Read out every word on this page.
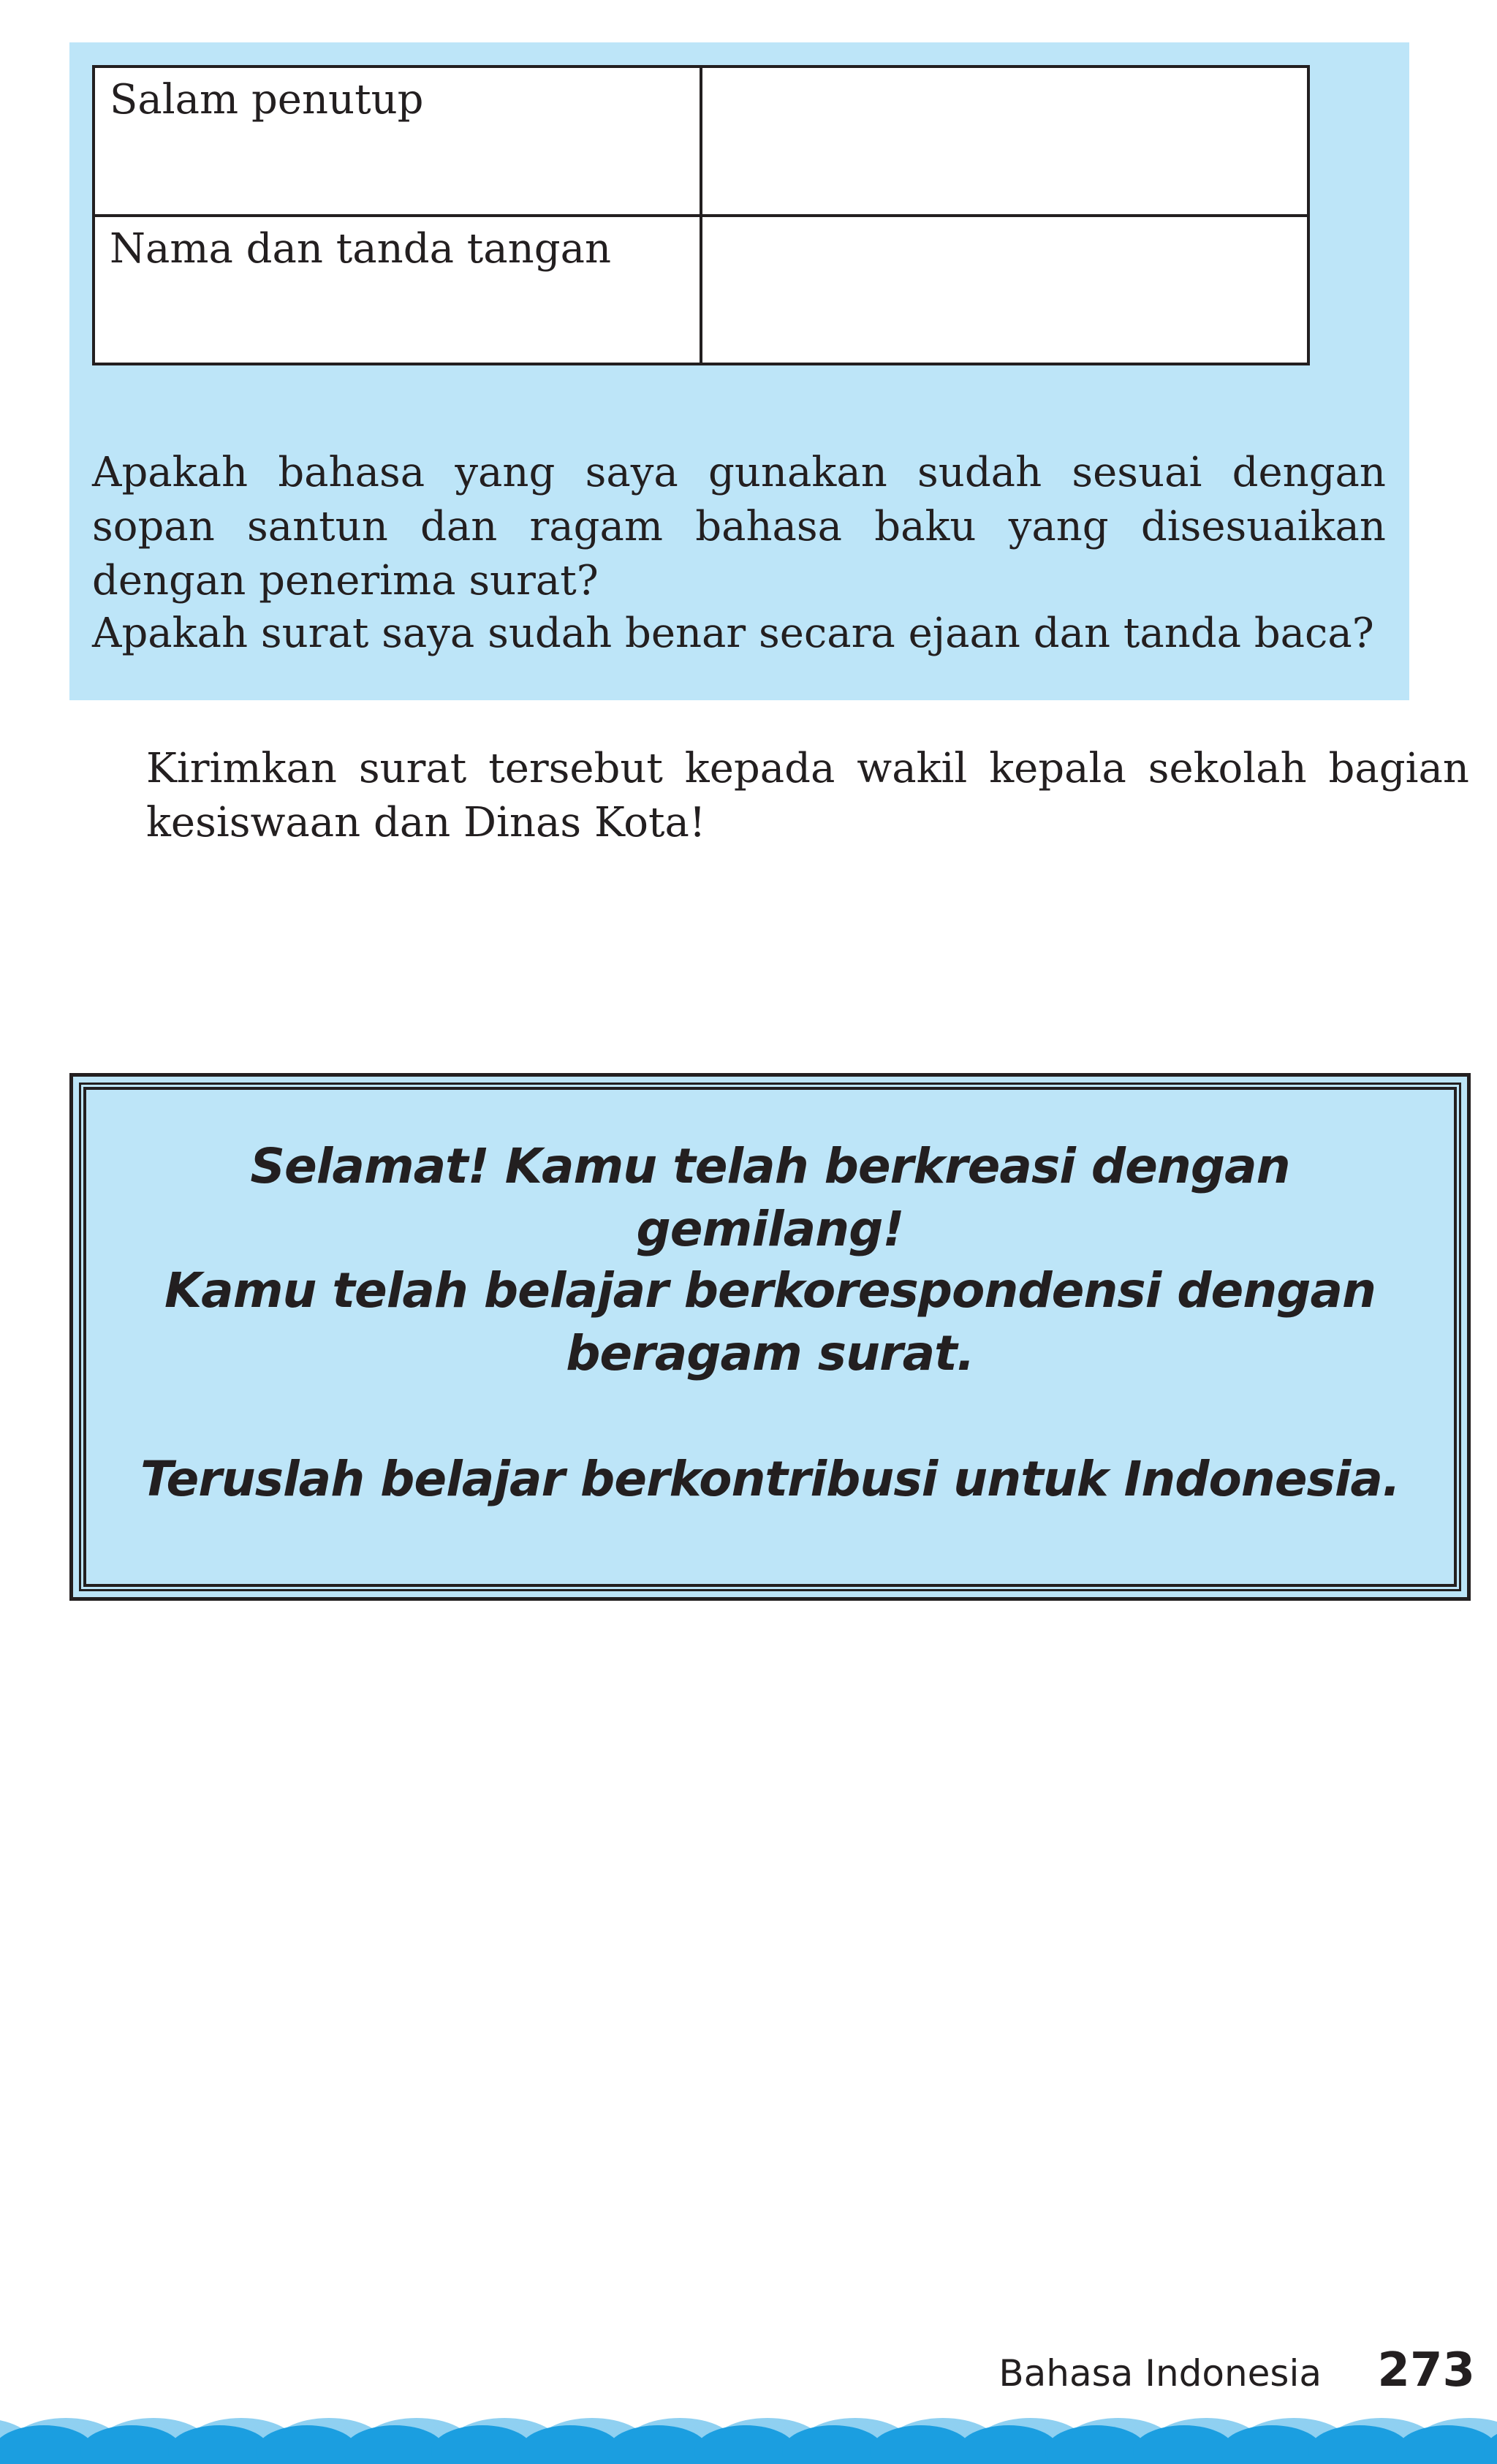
Salam penutup	
Nama dan tanda tangan	

Apakah bahasa yang saya gunakan sudah sesuai dengan sopan santun dan ragam bahasa baku yang disesuaikan dengan penerima surat?

Apakah surat saya sudah benar secara ejaan dan tanda baca?

Kirimkan surat tersebut kepada wakil kepala sekolah bagian kesiswaan dan Dinas Kota!

Selamat! Kamu telah berkreasi dengan gemilang!

Kamu telah belajar berkorespondensi dengan beragam surat.

Teruslah belajar berkontribusi untuk Indonesia.

Bahasa Indonesia 273
